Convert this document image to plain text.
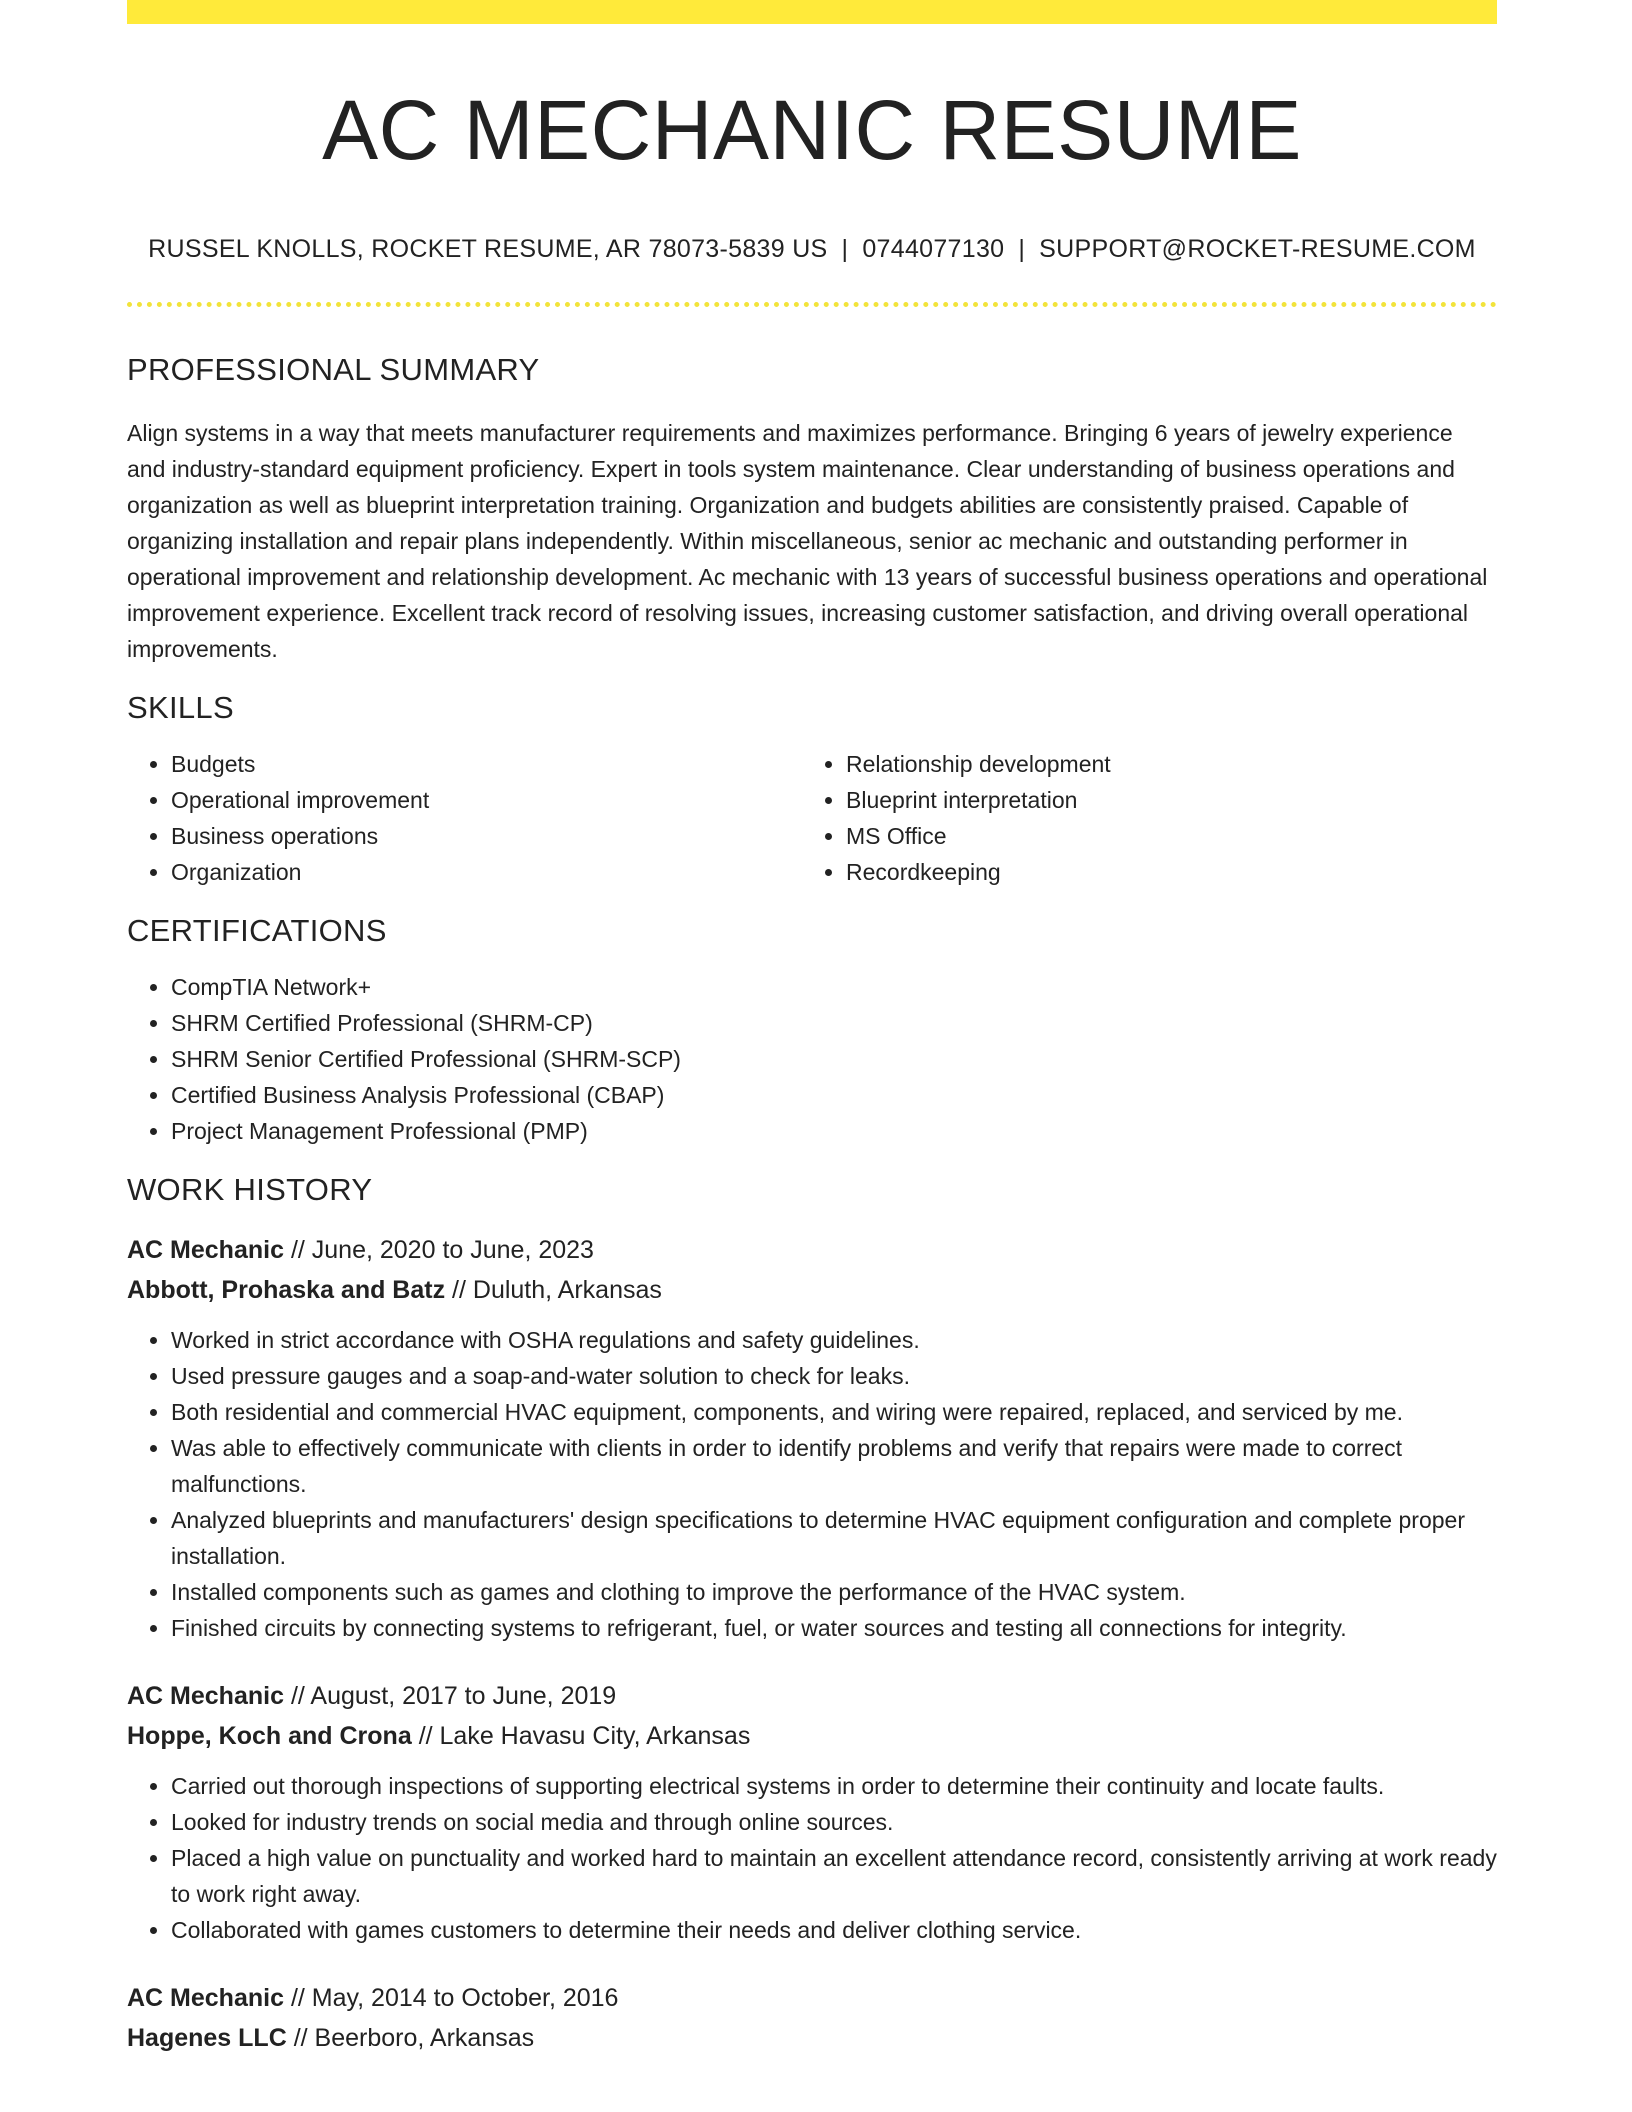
AC MECHANIC RESUME
RUSSEL KNOLLS, ROCKET RESUME, AR 78073-5839 US | 0744077130 | SUPPORT@ROCKET-RESUME.COM
PROFESSIONAL SUMMARY

Align systems in a way that meets manufacturer requirements and maximizes performance. Bringing 6 years of jewelry experience and industry-standard equipment proficiency. Expert in tools system maintenance. Clear understanding of business operations and organization as well as blueprint interpretation training. Organization and budgets abilities are consistently praised. Capable of organizing installation and repair plans independently. Within miscellaneous, senior ac mechanic and outstanding performer in operational improvement and relationship development. Ac mechanic with 13 years of successful business operations and operational improvement experience. Excellent track record of resolving issues, increasing customer satisfaction, and driving overall operational improvements.

SKILLS
• Budgets
• Operational improvement
• Business operations
• Organization
• Relationship development
• Blueprint interpretation
• MS Office
• Recordkeeping
CERTIFICATIONS
• CompTIA Network+
• SHRM Certified Professional (SHRM-CP)
• SHRM Senior Certified Professional (SHRM-SCP)
• Certified Business Analysis Professional (CBAP)
• Project Management Professional (PMP)
WORK HISTORY
AC Mechanic // June, 2020 to June, 2023
Abbott, Prohaska and Batz // Duluth, Arkansas
• Worked in strict accordance with OSHA regulations and safety guidelines.
• Used pressure gauges and a soap-and-water solution to check for leaks.
• Both residential and commercial HVAC equipment, components, and wiring were repaired, replaced, and serviced by me.
• Was able to effectively communicate with clients in order to identify problems and verify that repairs were made to correct malfunctions.
• Analyzed blueprints and manufacturers' design specifications to determine HVAC equipment configuration and complete proper installation.
• Installed components such as games and clothing to improve the performance of the HVAC system.
• Finished circuits by connecting systems to refrigerant, fuel, or water sources and testing all connections for integrity.
AC Mechanic // August, 2017 to June, 2019
Hoppe, Koch and Crona // Lake Havasu City, Arkansas
• Carried out thorough inspections of supporting electrical systems in order to determine their continuity and locate faults.
• Looked for industry trends on social media and through online sources.
• Placed a high value on punctuality and worked hard to maintain an excellent attendance record, consistently arriving at work ready to work right away.
• Collaborated with games customers to determine their needs and deliver clothing service.
AC Mechanic // May, 2014 to October, 2016
Hagenes LLC // Beerboro, Arkansas
